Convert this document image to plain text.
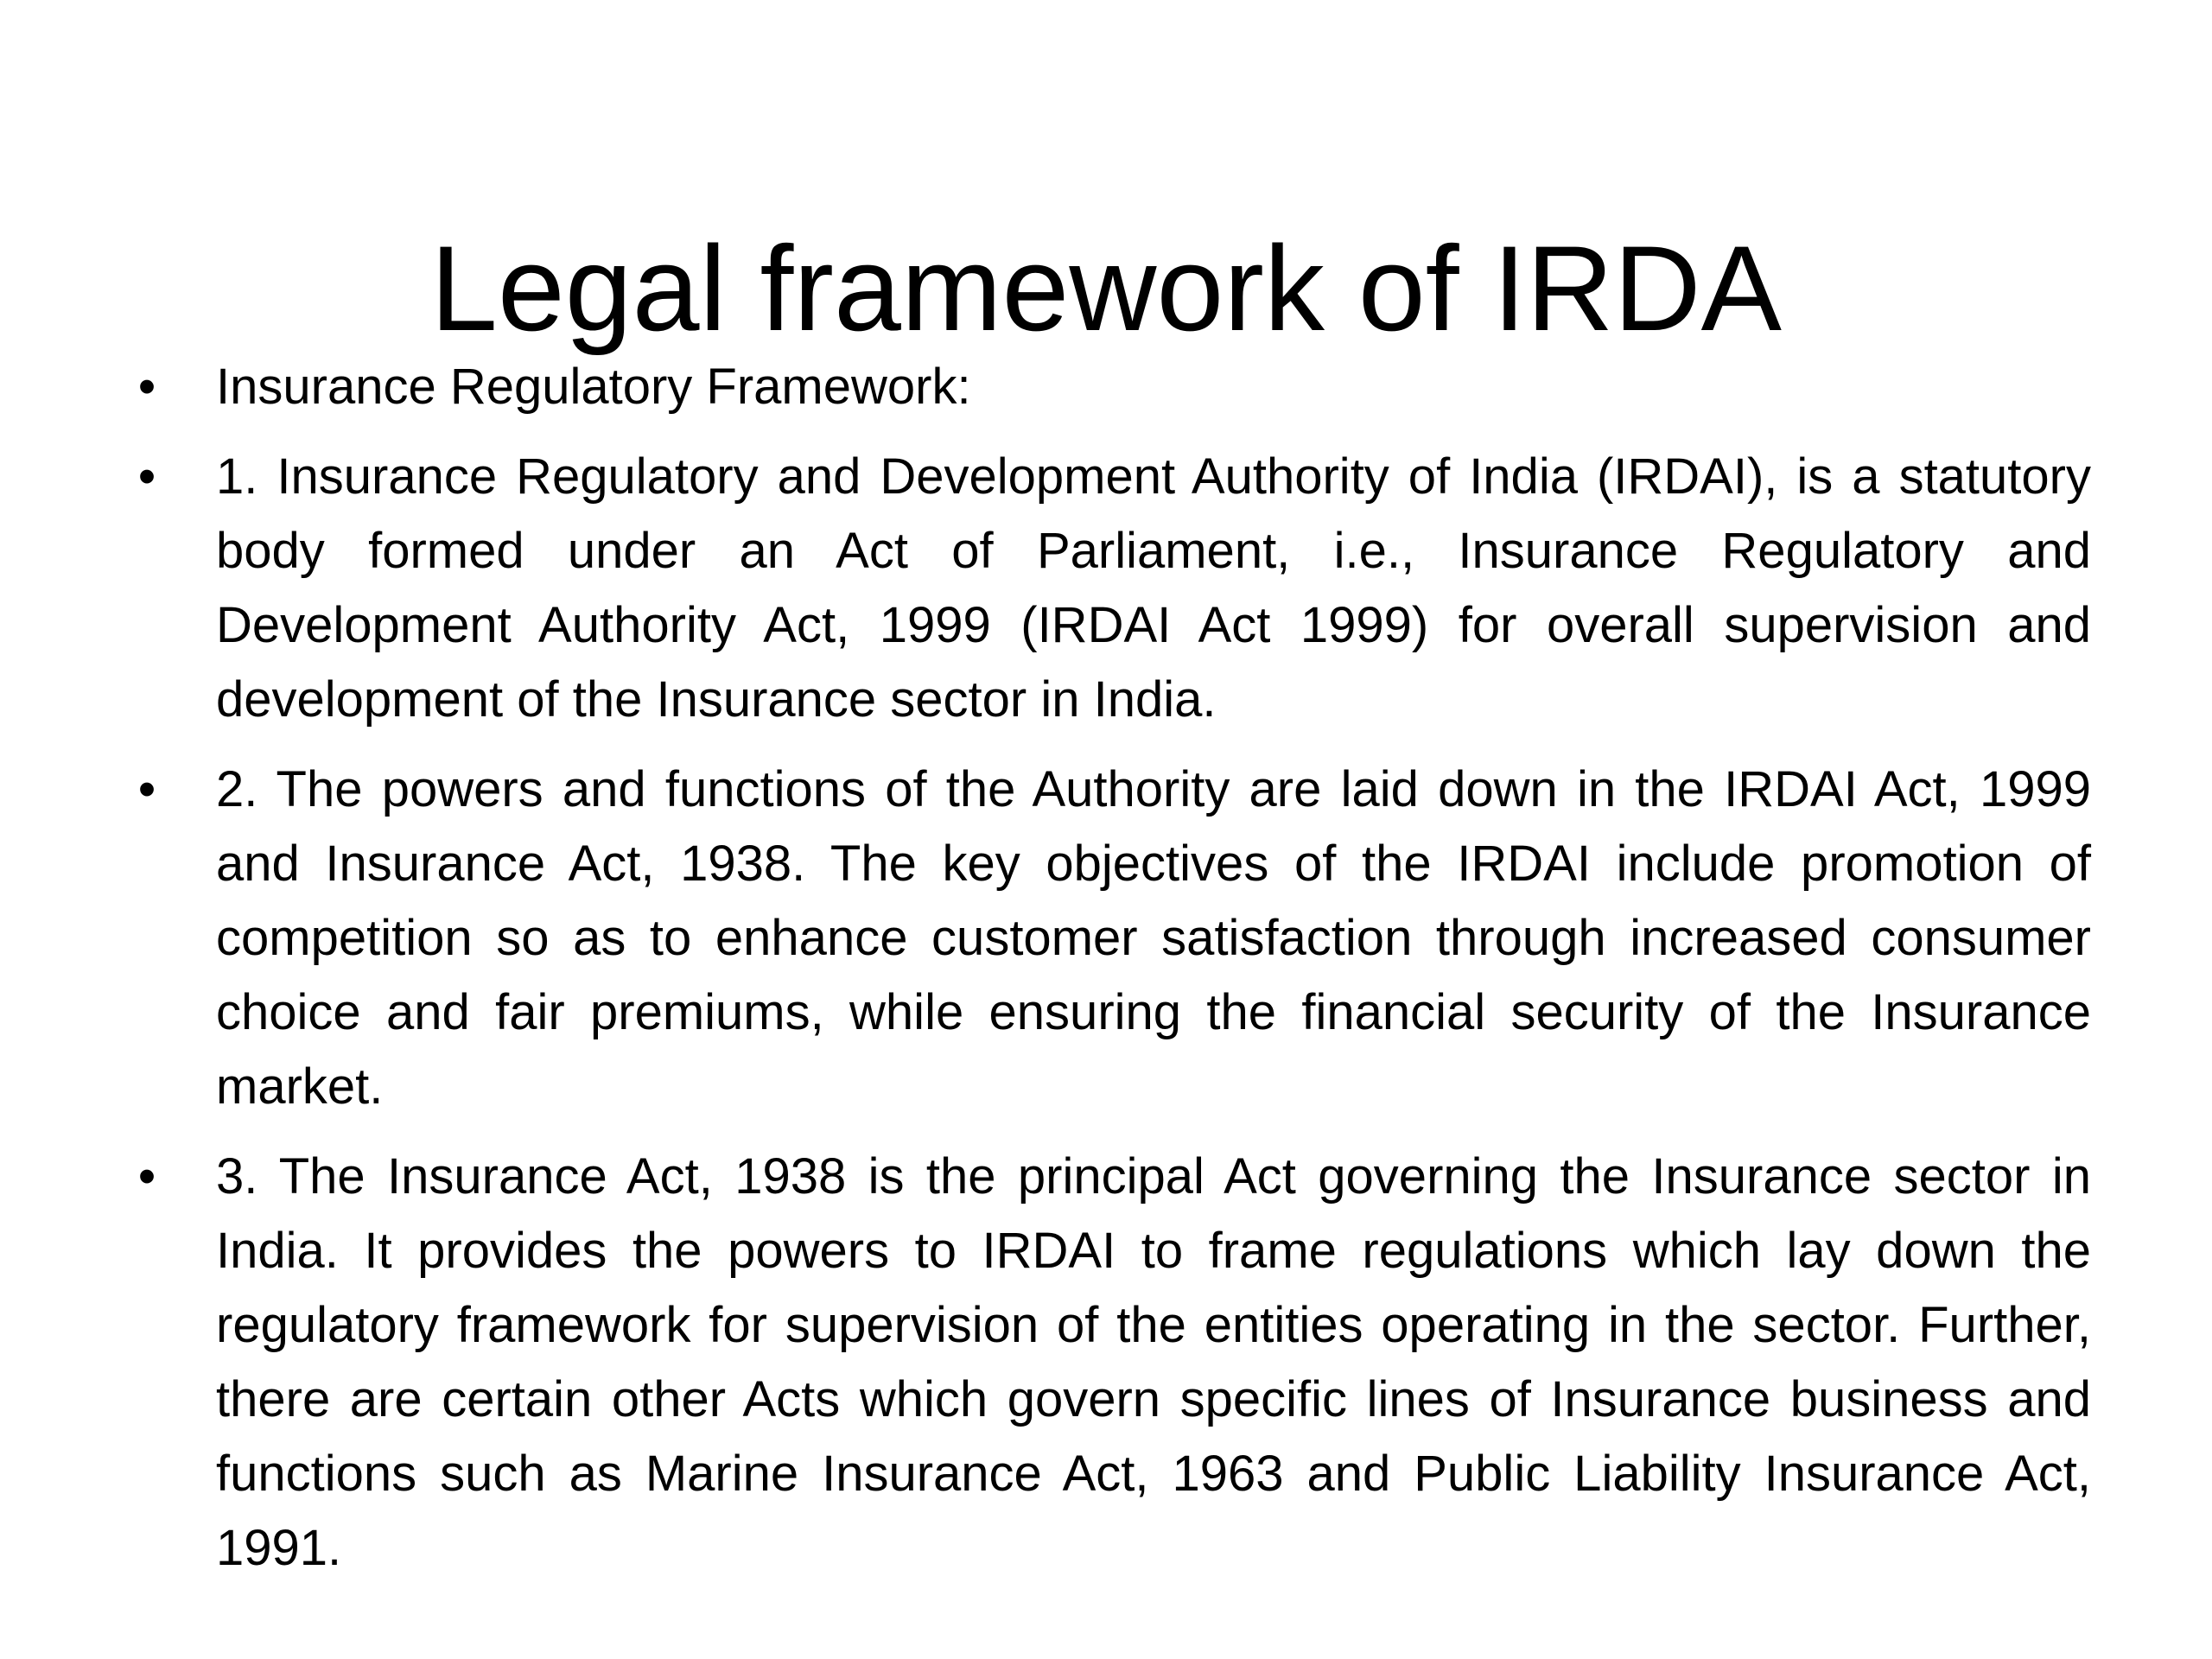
Legal framework of IRDA
• Insurance Regulatory Framework:
• 1. Insurance Regulatory and Development Authority of India (IRDAI), is a statutory body formed under an Act of Parliament, i.e., Insurance Regulatory and Development Authority Act, 1999 (IRDAI Act 1999) for overall supervision and development of the Insurance sector in India.
• 2. The powers and functions of the Authority are laid down in the IRDAI Act, 1999 and Insurance Act, 1938. The key objectives of the IRDAI include promotion of competition so as to enhance customer satisfaction through increased consumer choice and fair premiums, while ensuring the financial security of the Insurance market.
• 3. The Insurance Act, 1938 is the principal Act governing the Insurance sector in India. It provides the powers to IRDAI to frame regulations which lay down the regulatory framework for supervision of the entities operating in the sector. Further, there are certain other Acts which govern specific lines of Insurance business and functions such as Marine Insurance Act, 1963 and Public Liability Insurance Act, 1991.
